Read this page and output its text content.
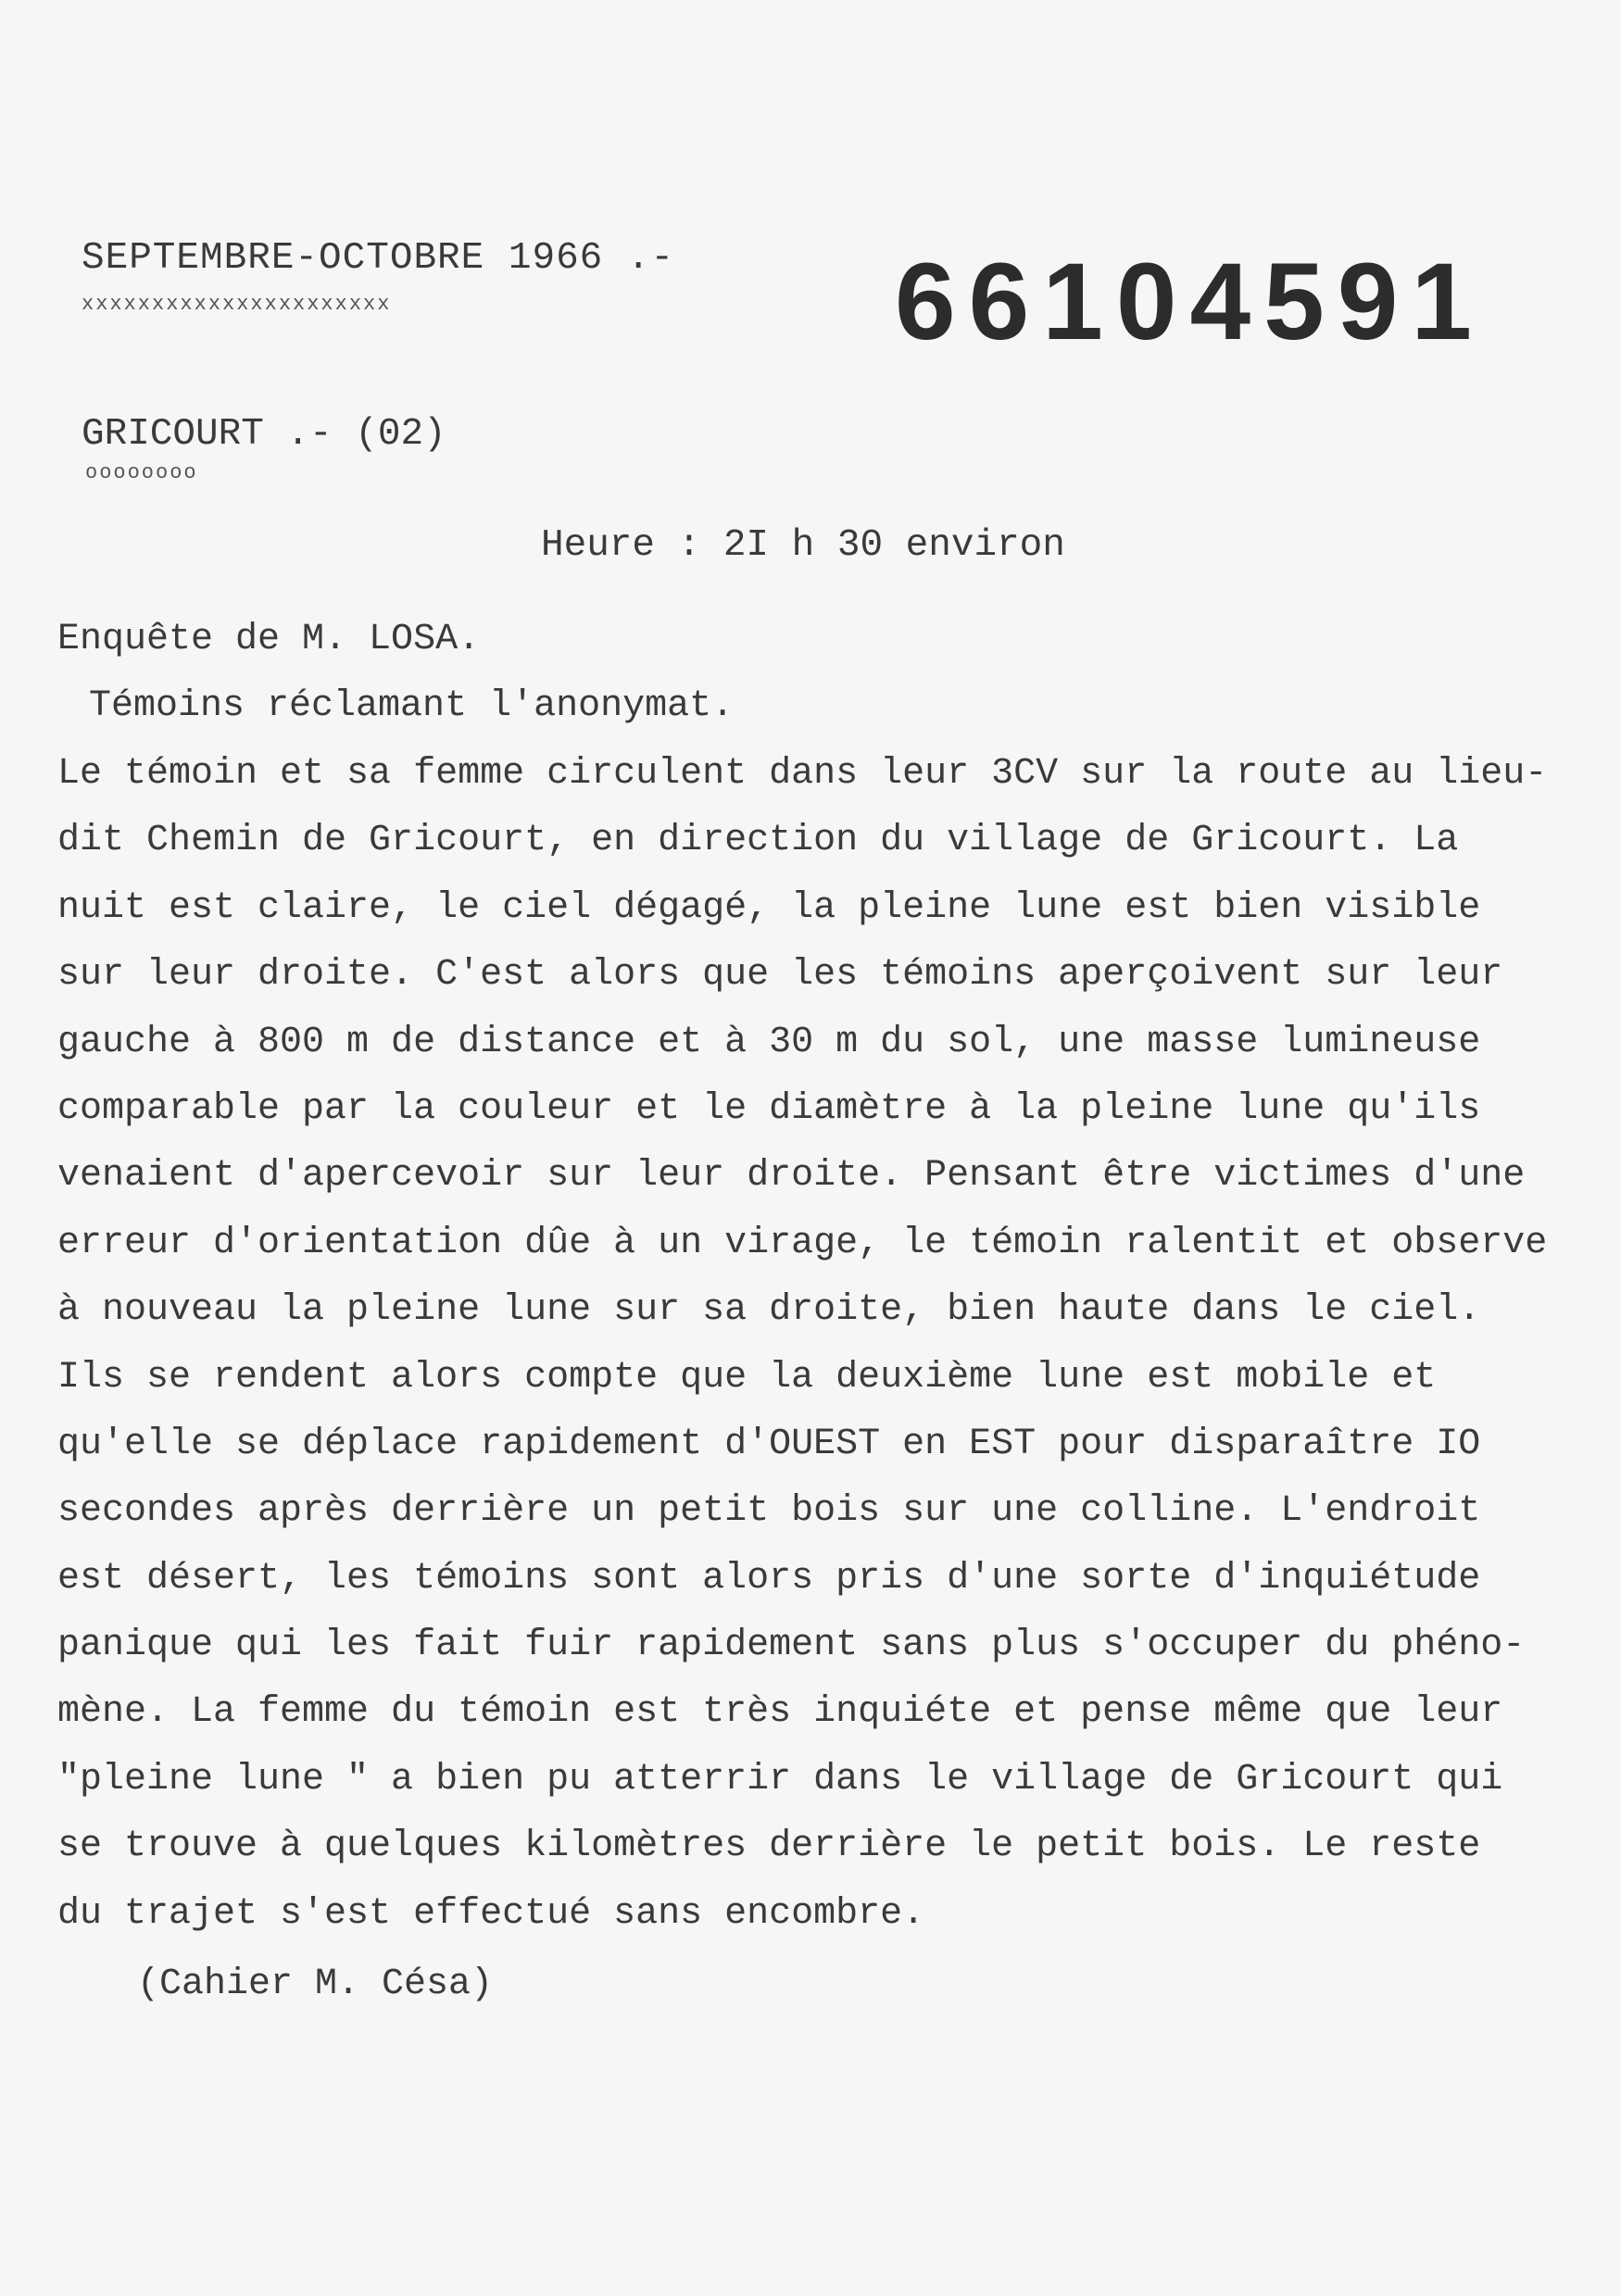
SEPTEMBRE-OCTOBRE 1966 .-
xxxxxxxxxxxxxxxxxxxxxx	66104591
GRICOURT .- (02)
oooooooo
Heure : 2I h 30 environ
Enquête de M. LOSA.
Témoins réclamant l'anonymat.
Le témoin et sa femme circulent dans leur 3CV sur la route au lieu-
dit Chemin de Gricourt, en direction du village de Gricourt. La
nuit est claire, le ciel dégagé, la pleine lune est bien visible
sur leur droite. C'est alors que les témoins aperçoivent sur leur
gauche à 800 m de distance et à 30 m du sol, une masse lumineuse
comparable par la couleur et le diamètre à la pleine lune qu'ils
venaient d'apercevoir sur leur droite. Pensant être victimes d'une
erreur d'orientation dûe à un virage, le témoin ralentit et observe
à nouveau la pleine lune sur sa droite, bien haute dans le ciel.
Ils se rendent alors compte que la deuxième lune est mobile et
qu'elle se déplace rapidement d'OUEST en EST pour disparaître IO
secondes après derrière un petit bois sur une colline. L'endroit
est désert, les témoins sont alors pris d'une sorte d'inquiétude
panique qui les fait fuir rapidement sans plus s'occuper du phéno-
mène. La femme du témoin est très inquiéte et pense même que leur
"pleine lune " a bien pu atterrir dans le village de Gricourt qui
se trouve à quelques kilomètres derrière le petit bois. Le reste
du trajet s'est effectué sans encombre.
(Cahier M. Césa)
